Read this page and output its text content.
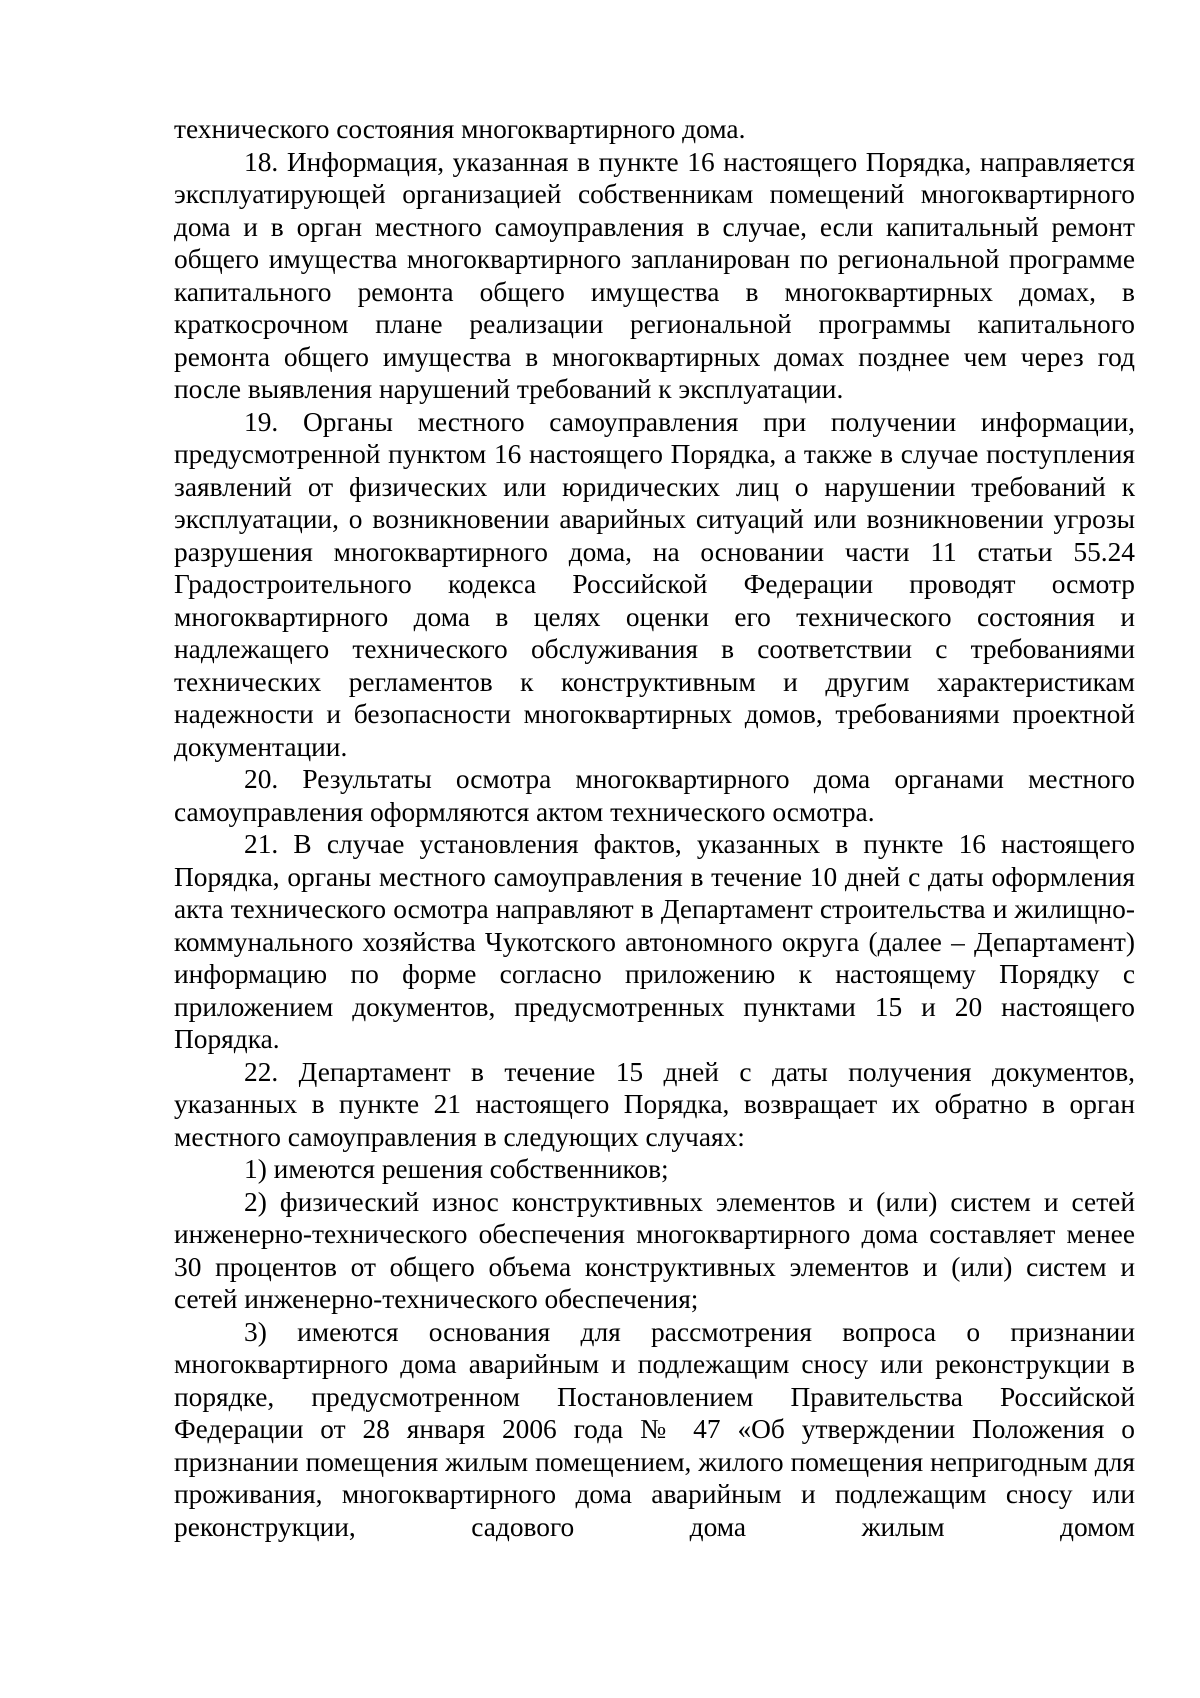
технического состояния многоквартирного дома.

18. Информация, указанная в пункте 16 настоящего Порядка, направляется эксплуатирующей организацией собственникам помещений многоквартирного дома и в орган местного самоуправления в случае, если капитальный ремонт общего имущества многоквартирного запланирован по региональной программе капитального ремонта общего имущества в многоквартирных домах, в краткосрочном плане реализации региональной программы капитального ремонта общего имущества в многоквартирных домах позднее чем через год после выявления нарушений требований к эксплуатации.

19. Органы местного самоуправления при получении информации, предусмотренной пунктом 16 настоящего Порядка, а также в случае поступления заявлений от физических или юридических лиц о нарушении требований к эксплуатации, о возникновении аварийных ситуаций или возникновении угрозы разрушения многоквартирного дома, на основании части 11 статьи 55.24 Градостроительного кодекса Российской Федерации проводят осмотр многоквартирного дома в целях оценки его технического состояния и надлежащего технического обслуживания в соответствии с требованиями технических регламентов к конструктивным и другим характеристикам надежности и безопасности многоквартирных домов, требованиями проектной документации.

20. Результаты осмотра многоквартирного дома органами местного самоуправления оформляются актом технического осмотра.

21. В случае установления фактов, указанных в пункте 16 настоящего Порядка, органы местного самоуправления в течение 10 дней с даты оформления акта технического осмотра направляют в Департамент строительства и жилищно-коммунального хозяйства Чукотского автономного округа (далее – Департамент) информацию по форме согласно приложению к настоящему Порядку с приложением документов, предусмотренных пунктами 15 и 20 настоящего Порядка.

22. Департамент в течение 15 дней с даты получения документов, указанных в пункте 21 настоящего Порядка, возвращает их обратно в орган местного самоуправления в следующих случаях:

1) имеются решения собственников;

2) физический износ конструктивных элементов и (или) систем и сетей инженерно-технического обеспечения многоквартирного дома составляет менее 30 процентов от общего объема конструктивных элементов и (или) систем и сетей инженерно-технического обеспечения;

3) имеются основания для рассмотрения вопроса о признании многоквартирного дома аварийным и подлежащим сносу или реконструкции в порядке, предусмотренном Постановлением Правительства Российской Федерации от 28 января 2006 года № 47 «Об утверждении Положения о признании помещения жилым помещением, жилого помещения непригодным для проживания, многоквартирного дома аварийным и подлежащим сносу или реконструкции, садового дома жилым домом
